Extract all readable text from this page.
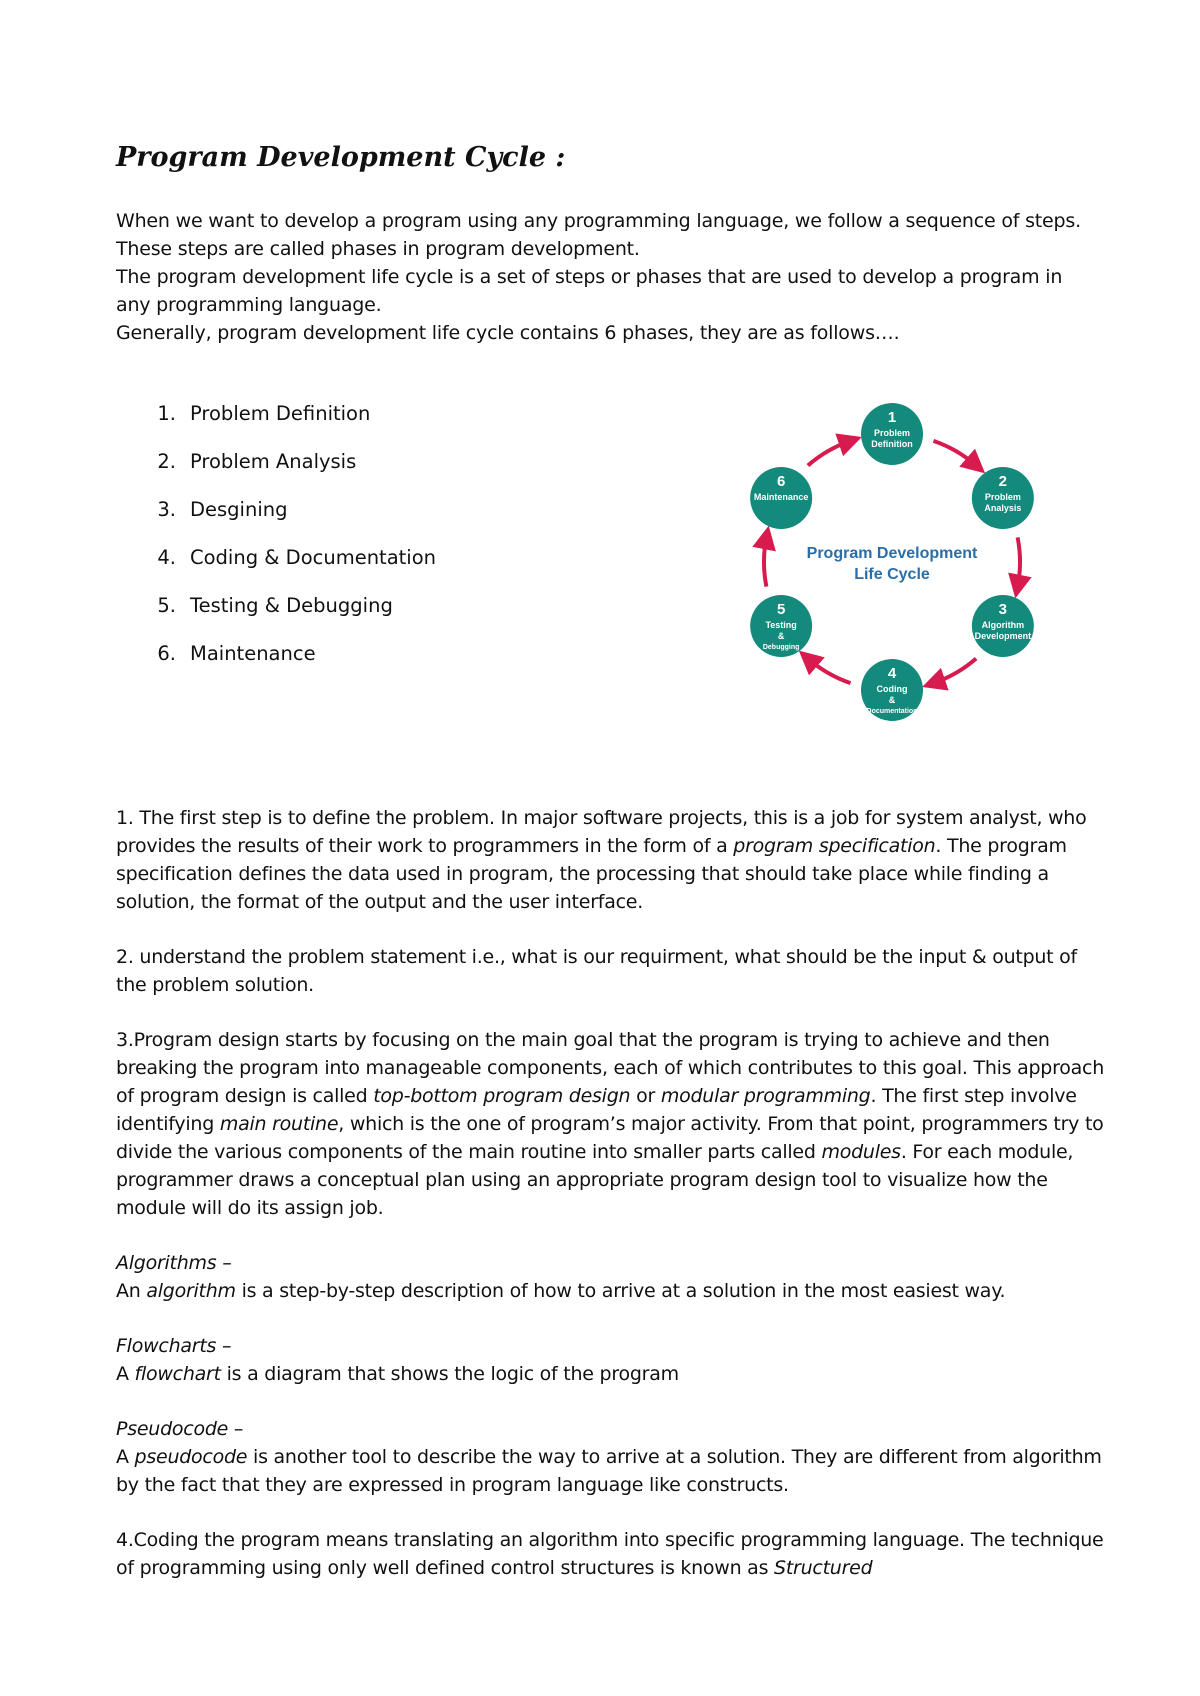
Program Development Cycle :

When we want to develop a program using any programming language, we follow a sequence of steps.

These steps are called phases in program development.

The program development life cycle is a set of steps or phases that are used to develop a program in any programming language.

Generally, program development life cycle contains 6 phases, they are as follows….

1. Problem Definition
2. Problem Analysis
3. Desgining
4. Coding & Documentation
5. Testing & Debugging
6. Maintenance
1
Problem
Definition
2
Problem
Analysis
3
Algorithm
Development
4
Coding
&
Documentation
5
Testing
&
Debugging
6
Maintenance
Program Development
Life Cycle

1. The first step is to define the problem. In major software projects, this is a job for system analyst, who provides the results of their work to programmers in the form of a program specification. The program specification defines the data used in program, the processing that should take place while finding a solution, the format of the output and the user interface.

2. understand the problem statement i.e., what is our requirment, what should be the input & output of the problem solution.

3.Program design starts by focusing on the main goal that the program is trying to achieve and then breaking the program into manageable components, each of which contributes to this goal. This approach of program design is called top-bottom program design or modular programming. The first step involve identifying main routine, which is the one of program’s major activity. From that point, programmers try to divide the various components of the main routine into smaller parts called modules. For each module, programmer draws a conceptual plan using an appropriate program design tool to visualize how the module will do its assign job.

Algorithms –
An algorithm is a step-by-step description of how to arrive at a solution in the most easiest way.

Flowcharts –
A flowchart is a diagram that shows the logic of the program

Pseudocode –
A pseudocode is another tool to describe the way to arrive at a solution. They are different from algorithm by the fact that they are expressed in program language like constructs.

4.Coding the program means translating an algorithm into specific programming language. The technique of programming using only well defined control structures is known as Structured
